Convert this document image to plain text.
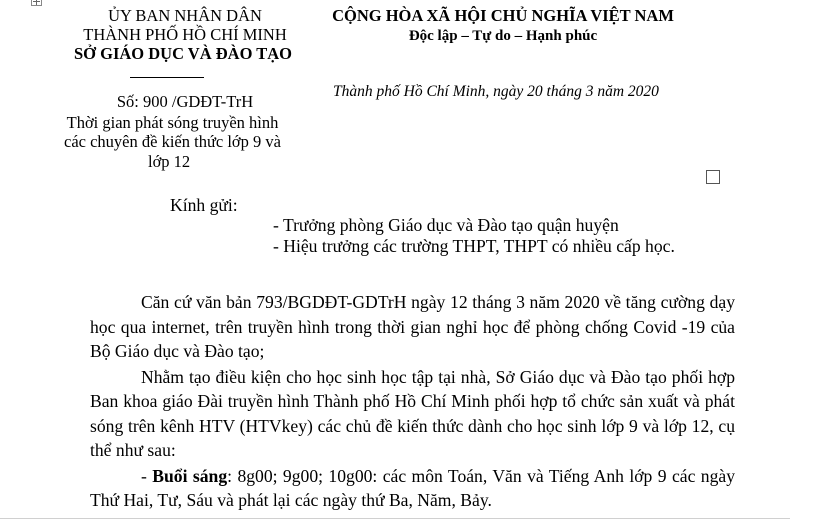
ỦY BAN NHÂN DÂN
THÀNH PHỐ HỒ CHÍ MINH
SỞ GIÁO DỤC VÀ ĐÀO TẠO
Số: 900 /GDĐT-TrH
Thời gian phát sóng truyền hình
các chuyên đề kiến thức lớp 9 và
lớp 12
CỘNG HÒA XÃ HỘI CHỦ NGHĨA VIỆT NAM
Độc lập – Tự do – Hạnh phúc
Thành phố Hồ Chí Minh, ngày 20 tháng 3 năm 2020
Kính gửi:
- Trưởng phòng Giáo dục và Đào tạo quận huyện
- Hiệu trưởng các trường THPT, THPT có nhiều cấp học.

Căn cứ văn bản 793/BGDĐT-GDTrH ngày 12 tháng 3 năm 2020 về tăng cường dạy học qua internet, trên truyền hình trong thời gian nghỉ học để phòng chống Covid -19 của Bộ Giáo dục và Đào tạo;

Nhằm tạo điều kiện cho học sinh học tập tại nhà, Sở Giáo dục và Đào tạo phối hợp Ban khoa giáo Đài truyền hình Thành phố Hồ Chí Minh phối hợp tổ chức sản xuất và phát sóng trên kênh HTV (HTVkey) các chủ đề kiến thức dành cho học sinh lớp 9 và lớp 12, cụ thể như sau:

- Buổi sáng: 8g00; 9g00; 10g00: các môn Toán, Văn và Tiếng Anh lớp 9 các ngày Thứ Hai, Tư, Sáu và phát lại các ngày thứ Ba, Năm, Bảy.
